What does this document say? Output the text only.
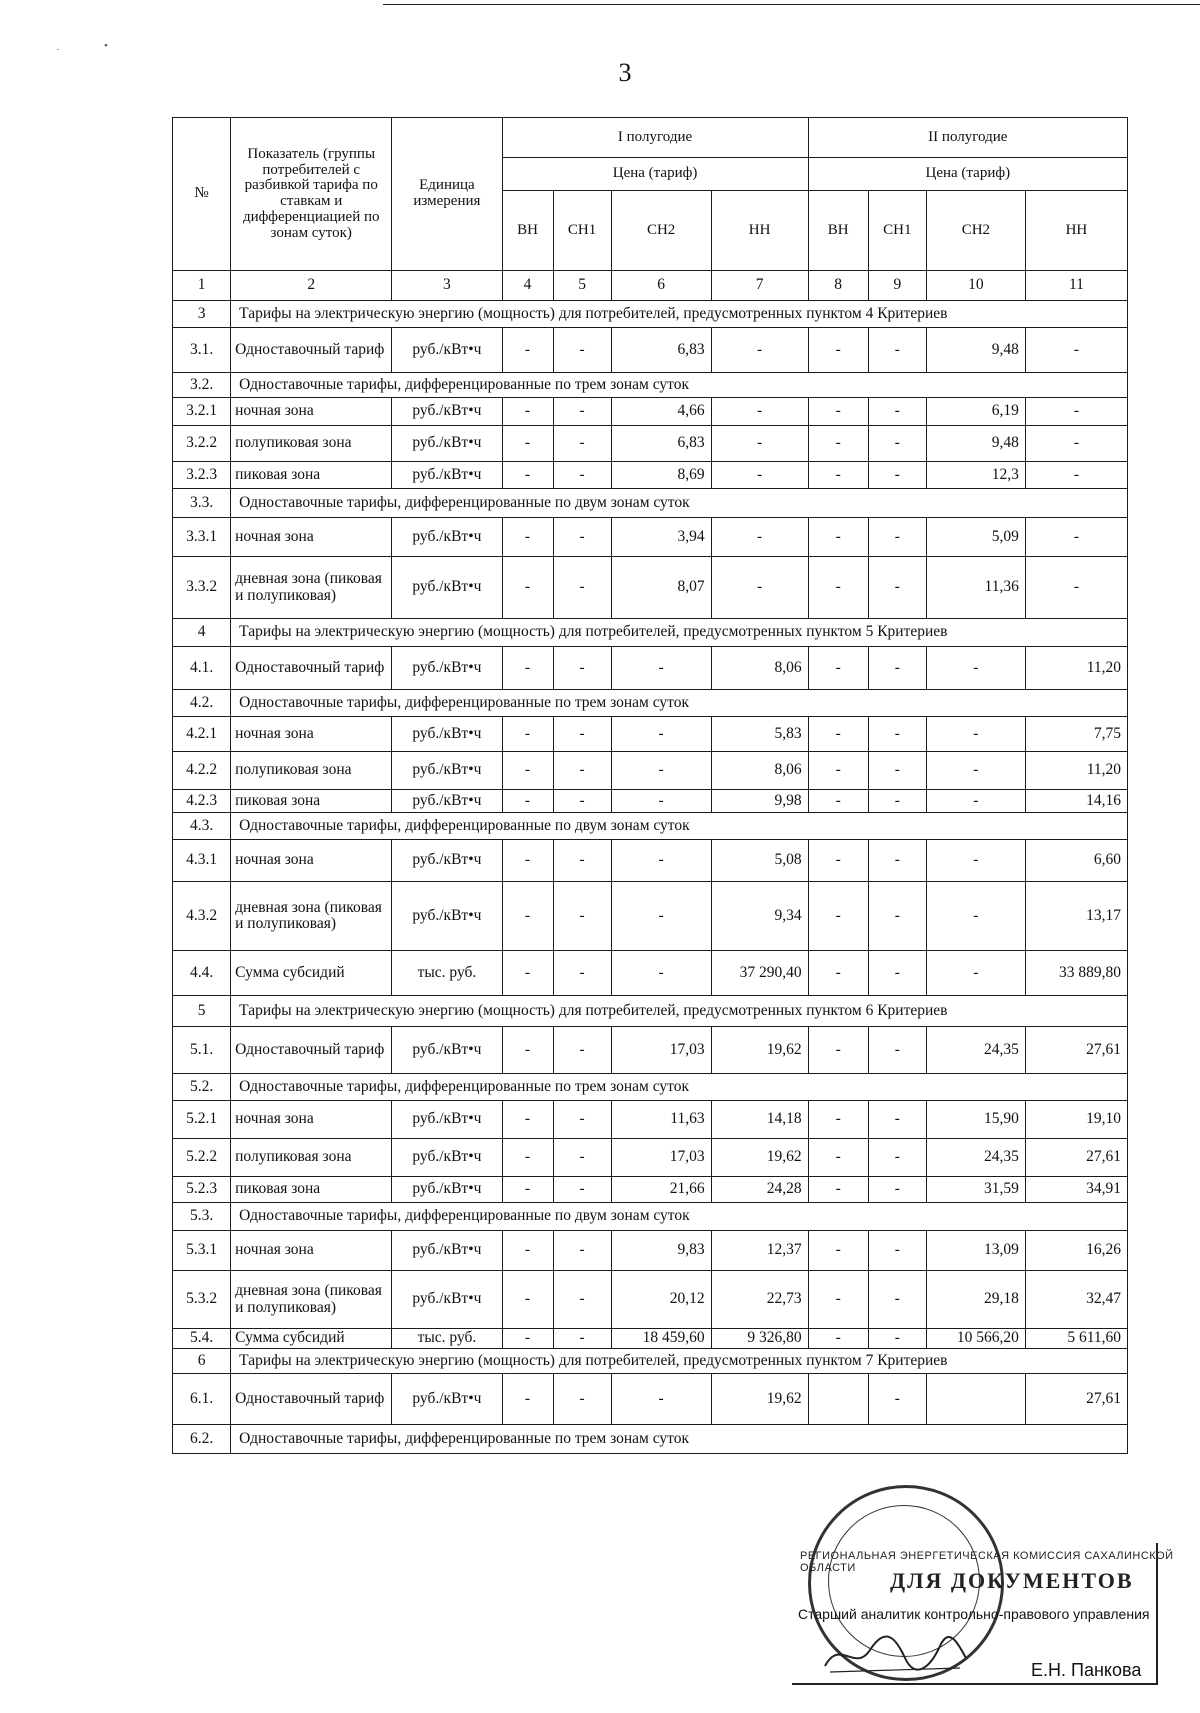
·	•
3
№	Показатель (группы потребителей с разбивкой тарифа по ставкам и дифференциацией по зонам суток)	Единица измерения	I полугодие				II полугодие			
			Цена (тариф)				Цена (тариф)			
			ВН	СН1	СН2	НН	ВН	СН1	СН2	НН
1	2	3	4	5	6	7	8	9	10	11
3	Тарифы на электрическую энергию (мощность) для потребителей, предусмотренных пунктом 4 Критериев									
3.1.	Одноставочный тариф	руб./кВт•ч	-	-	6,83	-	-	-	9,48	-
3.2.	Одноставочные тарифы, дифференцированные по трем зонам суток									
3.2.1	ночная зона	руб./кВт•ч	-	-	4,66	-	-	-	6,19	-
3.2.2	полупиковая зона	руб./кВт•ч	-	-	6,83	-	-	-	9,48	-
3.2.3	пиковая зона	руб./кВт•ч	-	-	8,69	-	-	-	12,3	-
3.3.	Одноставочные тарифы, дифференцированные по двум зонам суток									
3.3.1	ночная зона	руб./кВт•ч	-	-	3,94	-	-	-	5,09	-
3.3.2	дневная зона (пиковая и полупиковая)	руб./кВт•ч	-	-	8,07	-	-	-	11,36	-
4	Тарифы на электрическую энергию (мощность) для потребителей, предусмотренных пунктом 5 Критериев									
4.1.	Одноставочный тариф	руб./кВт•ч	-	-	-	8,06	-	-	-	11,20
4.2.	Одноставочные тарифы, дифференцированные по трем зонам суток									
4.2.1	ночная зона	руб./кВт•ч	-	-	-	5,83	-	-	-	7,75
4.2.2	полупиковая зона	руб./кВт•ч	-	-	-	8,06	-	-	-	11,20
4.2.3	пиковая зона	руб./кВт•ч	-	-	-	9,98	-	-	-	14,16
4.3.	Одноставочные тарифы, дифференцированные по двум зонам суток									
4.3.1	ночная зона	руб./кВт•ч	-	-	-	5,08	-	-	-	6,60
4.3.2	дневная зона (пиковая и полупиковая)	руб./кВт•ч	-	-	-	9,34	-	-	-	13,17
4.4.	Сумма субсидий	тыс. руб.	-	-	-	37 290,40	-	-	-	33 889,80
5	Тарифы на электрическую энергию (мощность) для потребителей, предусмотренных пунктом 6 Критериев									
5.1.	Одноставочный тариф	руб./кВт•ч	-	-	17,03	19,62	-	-	24,35	27,61
5.2.	Одноставочные тарифы, дифференцированные по трем зонам суток									
5.2.1	ночная зона	руб./кВт•ч	-	-	11,63	14,18	-	-	15,90	19,10
5.2.2	полупиковая зона	руб./кВт•ч	-	-	17,03	19,62	-	-	24,35	27,61
5.2.3	пиковая зона	руб./кВт•ч	-	-	21,66	24,28	-	-	31,59	34,91
5.3.	Одноставочные тарифы, дифференцированные по двум зонам суток									
5.3.1	ночная зона	руб./кВт•ч	-	-	9,83	12,37	-	-	13,09	16,26
5.3.2	дневная зона (пиковая и полупиковая)	руб./кВт•ч	-	-	20,12	22,73	-	-	29,18	32,47
5.4.	Сумма субсидий	тыс. руб.	-	-	18 459,60	9 326,80	-	-	10 566,20	5 611,60
6	Тарифы на электрическую энергию (мощность) для потребителей, предусмотренных пунктом 7 Критериев									
6.1.	Одноставочный тариф	руб./кВт•ч	-	-	-	19,62		-		27,61
6.2.	Одноставочные тарифы, дифференцированные по трем зонам суток									
РЕГИОНАЛЬНАЯ ЭНЕРГЕТИЧЕСКАЯ КОМИССИЯ САХАЛИНСКОЙ ОБЛАСТИ	ДЛЯ ДОКУМЕНТОВ
Старший аналитик контрольно-правового управления
Е.Н. Панкова
